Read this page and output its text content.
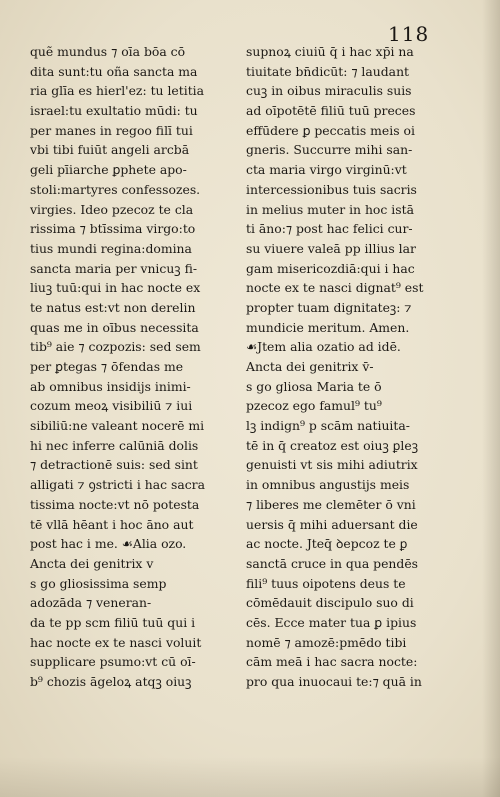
118
quẽ mundus ⁊ oīa bōa cō
dita sunt:tu oña sancta ma
ria glīa es hierl'ez: tu letitia
israel:tu exultatio mūdi: tu
per manes in regoo filī tui
vbi tibi fuiūt angeli arcbā
geli pīiarche ꝑphete apo-
stoli:martyres confessozes.
virgies. Ideo pzecoz te cla
rissima ⁊ btīssima virgo:to
tius mundi regina:domina
sancta maria per vnicuꝫ fi-
liuꝫ tuū:qui in hac nocte ex
te natus est:vt non derelin
quas me in oībus necessita
tib⁹ aie ⁊ cozpozis: sed sem
per ꝑtegas ⁊ ōfendas me
ab omnibus insidijs inimi-
cozum meoꝝ visibiliū ⁊ iui
sibiliū:ne valeant nocerē mi
hi nec inferre calūniā dolis
⁊ detractionē suis: sed sint
alligati ⁊ ꝯstricti i hac sacra
tissima nocte:vt nō potesta
tē vllā hēant i hoc āno aut
post hac i me. ☙Alia ozo.
Ancta dei genitrix v
s go gliosissima semp
adozāda ⁊ veneran-
da te pp scm filiū tuū qui i
hac nocte ex te nasci voluit
supplicare psumo:vt cū oī-
b⁹ chozis āgeloꝝ atqꝫ oiuꝫ
supnoꝝ ciuiū q̄ i hac xp̄i na
tiuitate bn̄dicūt: ⁊ laudant
cuꝫ in oibus miraculis suis
ad oīpotētē filiū tuū preces
effūdere ꝑ peccatis meis oi
gneris. Succurre mihi san-
cta maria virgo virginū:vt
intercessionibus tuis sacris
in melius muter in hoc istā
ti āno:⁊ post hac felici cur-
su viuere valeā pp illius lar
gam misericozdiā:qui i hac
nocte ex te nasci dignat⁹ est
propter tuam dignitateꝫ: ⁊
mundicie meritum. Amen.
☙Jtem alia ozatio ad idē.
Ancta dei genitrix v̄-
s go gliosa Maria te ō
pzecoz ego famul⁹ tu⁹
lꝫ indign⁹ p scām natiuita-
tē in q̄ creatoz est oiuꝫ ꝑleꝫ
genuisti vt sis mihi adiutrix
in omnibus angustijs meis
⁊ liberes me clemēter ō vni
uersis q̄ mihi aduersant die
ac nocte. Jteq̄ ꝺepcoz te ꝑ
sanctā cruce in qua pendēs
fili⁹ tuus oipotens deus te
cōmēdauit discipulo suo di
cēs. Ecce mater tua ꝑ ipius
nomē ⁊ amozē:pmēdo tibi
cām meā i hac sacra nocte:
pro qua inuocaui te:⁊ quā in
